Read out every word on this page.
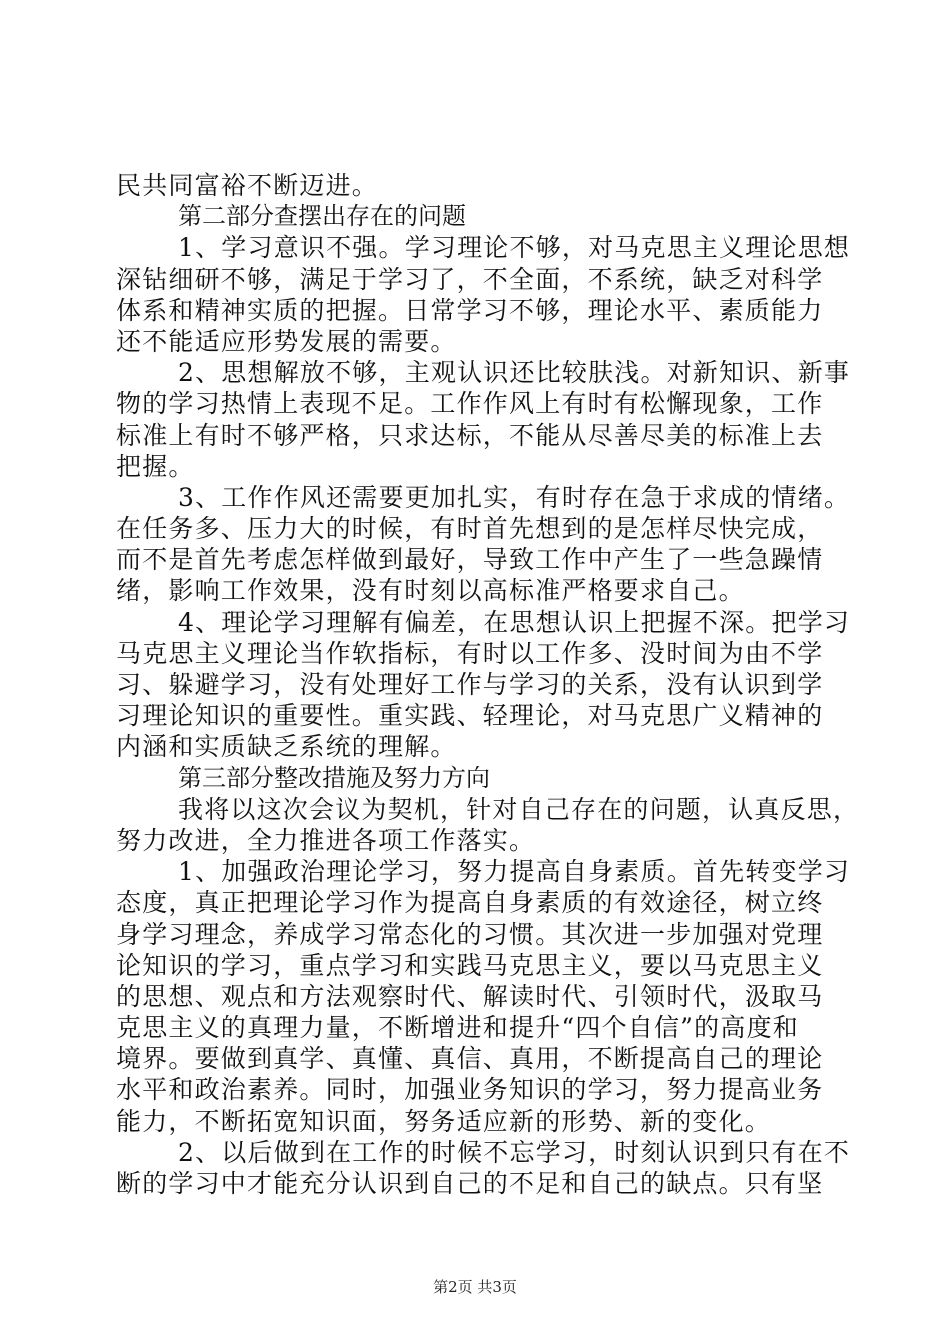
民共同富裕不断迈进。
第二部分查摆出存在的问题
1、学习意识不强。学习理论不够，对马克思主义理论思想
深钻细研不够，满足于学习了，不全面，不系统，缺乏对科学
体系和精神实质的把握。日常学习不够，理论水平、素质能力
还不能适应形势发展的需要。
2、思想解放不够，主观认识还比较肤浅。对新知识、新事
物的学习热情上表现不足。工作作风上有时有松懈现象，工作
标准上有时不够严格，只求达标，不能从尽善尽美的标准上去
把握。
3、工作作风还需要更加扎实，有时存在急于求成的情绪。
在任务多、压力大的时候，有时首先想到的是怎样尽快完成，
而不是首先考虑怎样做到最好，导致工作中产生了一些急躁情
绪，影响工作效果，没有时刻以高标准严格要求自己。
4、理论学习理解有偏差，在思想认识上把握不深。把学习
马克思主义理论当作软指标，有时以工作多、没时间为由不学
习、躲避学习，没有处理好工作与学习的关系，没有认识到学
习理论知识的重要性。重实践、轻理论，对马克思广义精神的
内涵和实质缺乏系统的理解。
第三部分整改措施及努力方向
我将以这次会议为契机，针对自己存在的问题，认真反思，
努力改进，全力推进各项工作落实。
1、加强政治理论学习，努力提高自身素质。首先转变学习
态度，真正把理论学习作为提高自身素质的有效途径，树立终
身学习理念，养成学习常态化的习惯。其次进一步加强对党理
论知识的学习，重点学习和实践马克思主义，要以马克思主义
的思想、观点和方法观察时代、解读时代、引领时代，汲取马
克思主义的真理力量，不断增进和提升“四个自信”的高度和
境界。要做到真学、真懂、真信、真用，不断提高自己的理论
水平和政治素养。同时，加强业务知识的学习，努力提高业务
能力，不断拓宽知识面，努务适应新的形势、新的变化。
2、以后做到在工作的时候不忘学习，时刻认识到只有在不
断的学习中才能充分认识到自己的不足和自己的缺点。只有坚
第2页 共3页
